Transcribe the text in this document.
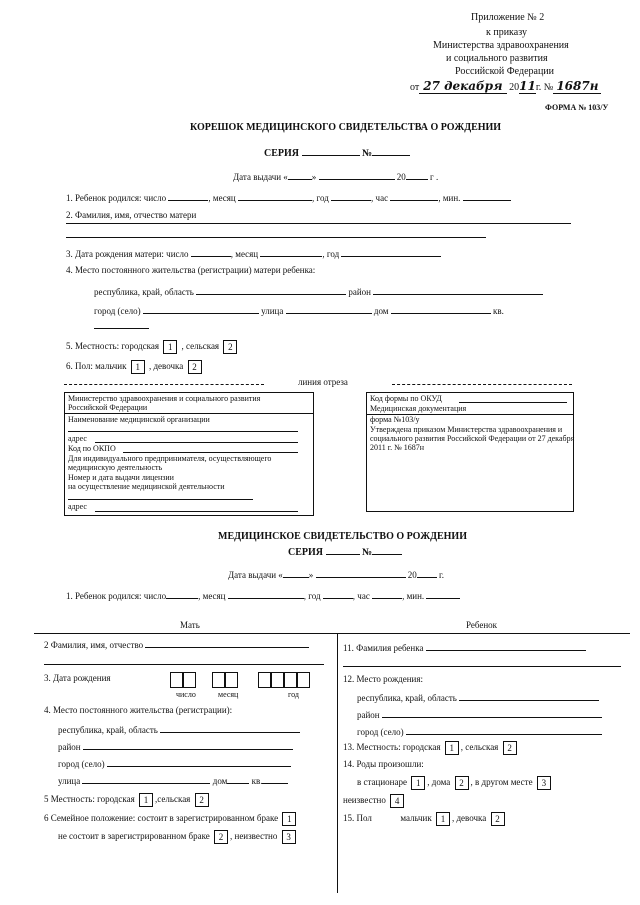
Приложение № 2
к приказу
Министерства здравоохранения
и социального развития
Российской Федерации
от 27 декабря 2011г. № 1687н
ФОРМА № 103/У
КОРЕШОК МЕДИЦИНСКОГО СВИДЕТЕЛЬСТВА О РОЖДЕНИИ
СЕРИЯ	№
Дата выдачи «	»	20	г .
1. Ребенок родился: число	, месяц	, год	, час	, мин.
2. Фамилия, имя, отчество матери
3. Дата рождения матери: число	, месяц	, год
4. Место постоянного жительства (регистрации) матери ребенка:
республика, край, область	район
город (село)	улица	дом	кв.
5. Местность: городская 1 , сельская 2
6. Пол: мальчик 1 , девочка 2
линия отреза
Министерство здравоохранения и социального развития
Российской Федерации
Наименование медицинской организации
адрес
Код по ОКПО
Для индивидуального предпринимателя, осуществляющего
медицинскую деятельность
Номер и дата выдачи лицензии
на осуществление медицинской деятельности
адрес
Код формы по ОКУД
Медицинская документация
форма №103/у
Утверждена приказом Министерства здравоохранения и
социального развития Российской Федерации от 27 декабря
2011 г. № 1687н
МЕДИЦИНСКОЕ СВИДЕТЕЛЬСТВО О РОЖДЕНИИ
СЕРИЯ	№
Дата выдачи «	»	20 г.
1. Ребенок родился: число	, месяц	, год	, час	, мин.
Мать	Ребенок
2 Фамилия, имя, отчество
3. Дата рождения

число	месяц	год
4. Место постоянного жительства (регистрации):
республика, край, область
район
город (село)
улица	дом	кв.
5 Местность: городская 1 ,сельская 2
6 Семейное положение: состоит в зарегистрированном браке 1
не состоит в зарегистрированном браке 2 , неизвестно 3
11. Фамилия ребенка
12. Место рождения:
республика, край, область
район
город (село)
13. Местность: городская 1 , сельская 2
14. Роды произошли:
в стационаре 1 , дома 2 , в другом месте 3
неизвестно 4
15. Пол	мальчик 1 , девочка 2
